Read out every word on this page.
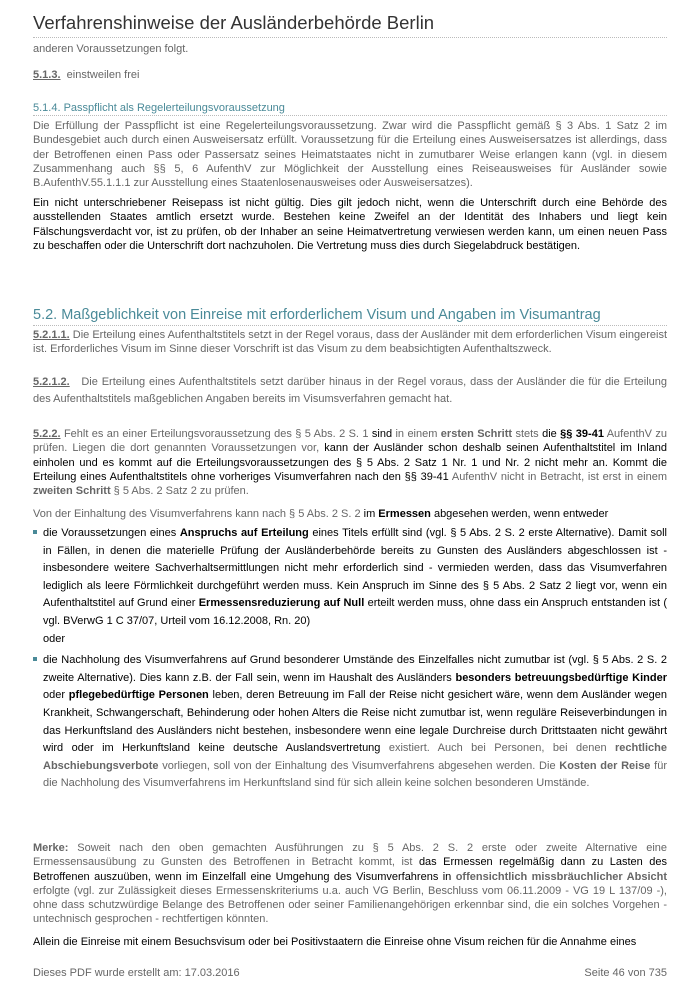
Verfahrenshinweise der Ausländerbehörde Berlin
anderen Voraussetzungen folgt.
5.1.3. einstweilen frei
5.1.4. Passpflicht als Regelerteilungsvoraussetzung
Die Erfüllung der Passpflicht ist eine Regelerteilungsvoraussetzung. Zwar wird die Passpflicht gemäß § 3 Abs. 1 Satz 2 im Bundesgebiet auch durch einen Ausweisersatz erfüllt. Voraussetzung für die Erteilung eines Ausweisersatzes ist allerdings, dass der Betroffenen einen Pass oder Passersatz seines Heimatstaates nicht in zumutbarer Weise erlangen kann (vgl. in diesem Zusammenhang auch §§ 5, 6 AufenthV zur Möglichkeit der Ausstellung eines Reiseausweises für Ausländer sowie B.AufenthV.55.1.1.1 zur Ausstellung eines Staatenlosenausweises oder Ausweisersatzes).
Ein nicht unterschriebener Reisepass ist nicht gültig. Dies gilt jedoch nicht, wenn die Unterschrift durch eine Behörde des ausstellenden Staates amtlich ersetzt wurde. Bestehen keine Zweifel an der Identität des Inhabers und liegt kein Fälschungsverdacht vor, ist zu prüfen, ob der Inhaber an seine Heimatvertretung verwiesen werden kann, um einen neuen Pass zu beschaffen oder die Unterschrift dort nachzuholen. Die Vertretung muss dies durch Siegelabdruck bestätigen.
5.2. Maßgeblichkeit von Einreise mit erforderlichem Visum und Angaben im Visumantrag
5.2.1.1. Die Erteilung eines Aufenthaltstitels setzt in der Regel voraus, dass der Ausländer mit dem erforderlichen Visum eingereist ist. Erforderliches Visum im Sinne dieser Vorschrift ist das Visum zu dem beabsichtigten Aufenthaltszweck.
5.2.1.2. Die Erteilung eines Aufenthaltstitels setzt darüber hinaus in der Regel voraus, dass der Ausländer die für die Erteilung des Aufenthaltstitels maßgeblichen Angaben bereits im Visumsverfahren gemacht hat.
5.2.2. Fehlt es an einer Erteilungsvoraussetzung des § 5 Abs. 2 S. 1 sind in einem ersten Schritt stets die §§ 39-41 AufenthV zu prüfen. Liegen die dort genannten Voraussetzungen vor, kann der Ausländer schon deshalb seinen Aufenthaltstitel im Inland einholen und es kommt auf die Erteilungsvoraussetzungen des § 5 Abs. 2 Satz 1 Nr. 1 und Nr. 2 nicht mehr an. Kommt die Erteilung eines Aufenthaltstitels ohne vorheriges Visumverfahren nach den §§ 39-41 AufenthV nicht in Betracht, ist erst in einem zweiten Schritt § 5 Abs. 2 Satz 2 zu prüfen.
Von der Einhaltung des Visumverfahrens kann nach § 5 Abs. 2 S. 2 im Ermessen abgesehen werden, wenn entweder
die Voraussetzungen eines Anspruchs auf Erteilung eines Titels erfüllt sind (vgl. § 5 Abs. 2 S. 2 erste Alternative). Damit soll in Fällen, in denen die materielle Prüfung der Ausländerbehörde bereits zu Gunsten des Ausländers abgeschlossen ist - insbesondere weitere Sachverhaltsermittlungen nicht mehr erforderlich sind - vermieden werden, dass das Visumverfahren lediglich als leere Förmlichkeit durchgeführt werden muss. Kein Anspruch im Sinne des § 5 Abs. 2 Satz 2 liegt vor, wenn ein Aufenthaltstitel auf Grund einer Ermessensreduzierung auf Null erteilt werden muss, ohne dass ein Anspruch entstanden ist ( vgl. BVerwG 1 C 37/07, Urteil vom 16.12.2008, Rn. 20)
oder
die Nachholung des Visumverfahrens auf Grund besonderer Umstände des Einzelfalles nicht zumutbar ist (vgl. § 5 Abs. 2 S. 2 zweite Alternative). Dies kann z.B. der Fall sein, wenn im Haushalt des Ausländers besonders betreuungsbedürftige Kinder oder pflegebedürftige Personen leben, deren Betreuung im Fall der Reise nicht gesichert wäre, wenn dem Ausländer wegen Krankheit, Schwangerschaft, Behinderung oder hohen Alters die Reise nicht zumutbar ist, wenn reguläre Reiseverbindungen in das Herkunftsland des Ausländers nicht bestehen, insbesondere wenn eine legale Durchreise durch Drittstaaten nicht gewährt wird oder im Herkunftsland keine deutsche Auslandsvertretung existiert. Auch bei Personen, bei denen rechtliche Abschiebungsverbote vorliegen, soll von der Einhaltung des Visumverfahrens abgesehen werden. Die Kosten der Reise für die Nachholung des Visumverfahrens im Herkunftsland sind für sich allein keine solchen besonderen Umstände.
Merke: Soweit nach den oben gemachten Ausführungen zu § 5 Abs. 2 S. 2 erste oder zweite Alternative eine Ermessensausübung zu Gunsten des Betroffenen in Betracht kommt, ist das Ermessen regelmäßig dann zu Lasten des Betroffenen auszuüben, wenn im Einzelfall eine Umgehung des Visumverfahrens in offensichtlich missbräuchlicher Absicht erfolgte (vgl. zur Zulässigkeit dieses Ermessenskriteriums u.a. auch VG Berlin, Beschluss vom 06.11.2009 - VG 19 L 137/09 -), ohne dass schutzwürdige Belange des Betroffenen oder seiner Familienangehörigen erkennbar sind, die ein solches Vorgehen - untechnisch gesprochen - rechtfertigen könnten.
Allein die Einreise mit einem Besuchsvisum oder bei Positivstaatern die Einreise ohne Visum reichen für die Annahme eines
Dieses PDF wurde erstellt am: 17.03.2016	Seite 46 von 735
